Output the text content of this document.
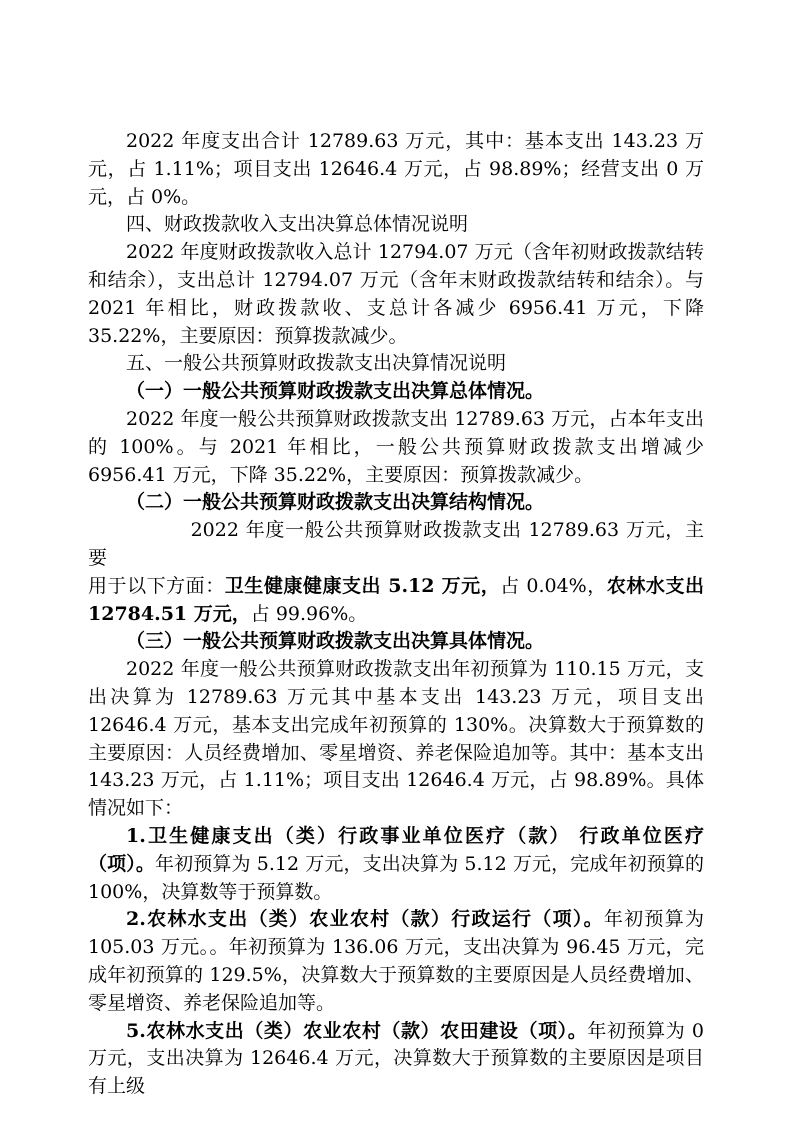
2022 年度支出合计 12789.63 万元，其中：基本支出 143.23 万元，占 1.11%；项目支出 12646.4 万元，占 98.89%；经营支出 0 万元，占 0%。

四、财政拨款收入支出决算总体情况说明

2022 年度财政拨款收入总计 12794.07 万元（含年初财政拨款结转和结余），支出总计 12794.07 万元（含年末财政拨款结转和结余）。与 2021 年相比，财政拨款收、支总计各减少 6956.41 万元，下降 35.22%，主要原因：预算拨款减少。

五、一般公共预算财政拨款支出决算情况说明

（一）一般公共预算财政拨款支出决算总体情况。

2022 年度一般公共预算财政拨款支出 12789.63 万元，占本年支出的 100%。与 2021 年相比，一般公共预算财政拨款支出增减少 6956.41 万元，下降 35.22%，主要原因：预算拨款减少。

（二）一般公共预算财政拨款支出决算结构情况。

2022 年度一般公共预算财政拨款支出 12789.63 万元，主要

用于以下方面：卫生健康健康支出 5.12 万元，占 0.04%，农林水支出 12784.51 万元，占 99.96%。

（三）一般公共预算财政拨款支出决算具体情况。

2022 年度一般公共预算财政拨款支出年初预算为 110.15 万元，支出决算为 12789.63 万元其中基本支出 143.23 万元，项目支出 12646.4 万元，基本支出完成年初预算的 130%。决算数大于预算数的主要原因：人员经费增加、零星增资、养老保险追加等。其中：基本支出 143.23 万元，占 1.11%；项目支出 12646.4 万元，占 98.89%。具体情况如下：

1.卫生健康支出（类）行政事业单位医疗（款） 行政单位医疗（项）。年初预算为 5.12 万元，支出决算为 5.12 万元，完成年初预算的 100%，决算数等于预算数。

2.农林水支出（类）农业农村（款）行政运行（项）。年初预算为 105.03 万元。。年初预算为 136.06 万元，支出决算为 96.45 万元，完成年初预算的 129.5%，决算数大于预算数的主要原因是人员经费增加、零星增资、养老保险追加等。

5.农林水支出（类）农业农村（款）农田建设（项）。年初预算为 0 万元，支出决算为 12646.4 万元，决算数大于预算数的主要原因是项目有上级
